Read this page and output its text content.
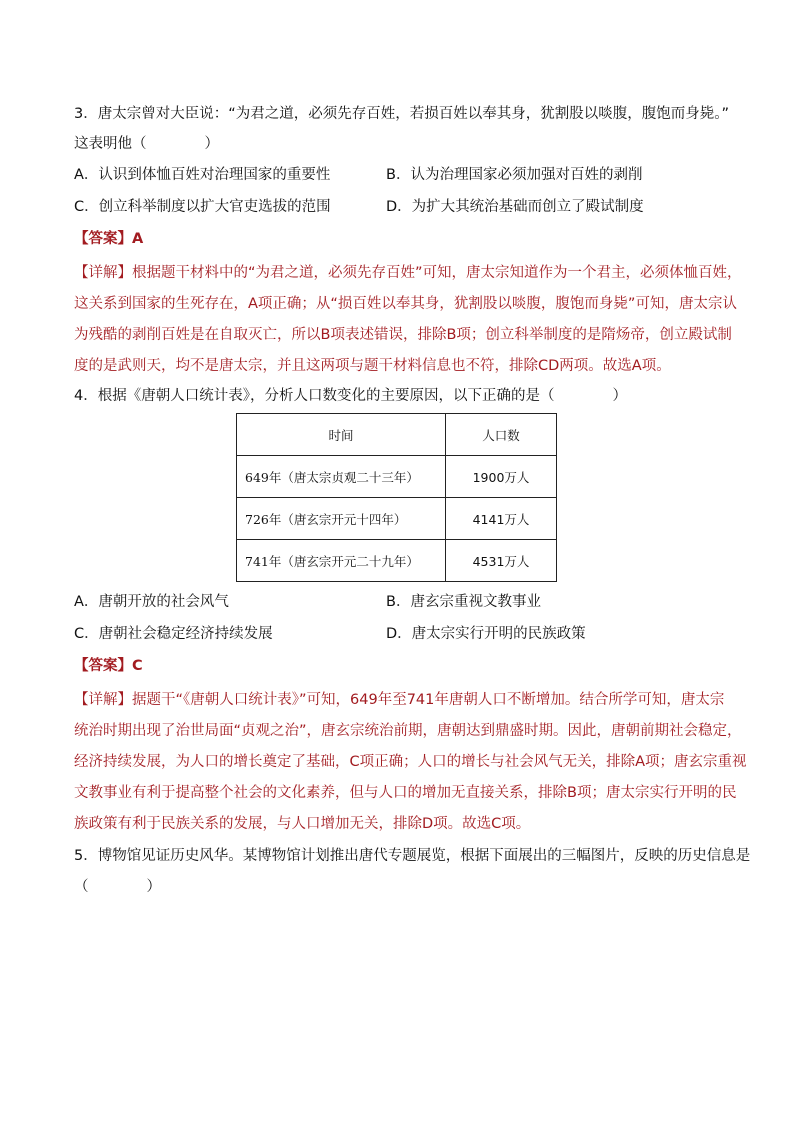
3．唐太宗曾对大臣说：“为君之道，必须先存百姓，若损百姓以奉其身，犹割股以啖腹，腹饱而身毙。”
这表明他（　　　　）
A．认识到体恤百姓对治理国家的重要性	B．认为治理国家必须加强对百姓的剥削
C．创立科举制度以扩大官吏选拔的范围	D．为扩大其统治基础而创立了殿试制度
【答案】A
【详解】根据题干材料中的“为君之道，必须先存百姓”可知，唐太宗知道作为一个君主，必须体恤百姓，
这关系到国家的生死存在，A项正确；从“损百姓以奉其身，犹割股以啖腹，腹饱而身毙”可知，唐太宗认
为残酷的剥削百姓是在自取灭亡，所以B项表述错误，排除B项；创立科举制度的是隋炀帝，创立殿试制
度的是武则天，均不是唐太宗，并且这两项与题干材料信息也不符，排除CD两项。故选A项。
4．根据《唐朝人口统计表》，分析人口数变化的主要原因，以下正确的是（　　　　）
时间	人口数
649年（唐太宗贞观二十三年）	1900万人
726年（唐玄宗开元十四年）	4141万人
741年（唐玄宗开元二十九年）	4531万人
A．唐朝开放的社会风气	B．唐玄宗重视文教事业
C．唐朝社会稳定经济持续发展	D．唐太宗实行开明的民族政策
【答案】C
【详解】据题干“《唐朝人口统计表》”可知，649年至741年唐朝人口不断增加。结合所学可知，唐太宗
统治时期出现了治世局面“贞观之治”，唐玄宗统治前期，唐朝达到鼎盛时期。因此，唐朝前期社会稳定，
经济持续发展，为人口的增长奠定了基础，C项正确；人口的增长与社会风气无关，排除A项；唐玄宗重视
文教事业有利于提高整个社会的文化素养，但与人口的增加无直接关系，排除B项；唐太宗实行开明的民
族政策有利于民族关系的发展，与人口增加无关，排除D项。故选C项。
5．博物馆见证历史风华。某博物馆计划推出唐代专题展览，根据下面展出的三幅图片，反映的历史信息是
（　　　　）
